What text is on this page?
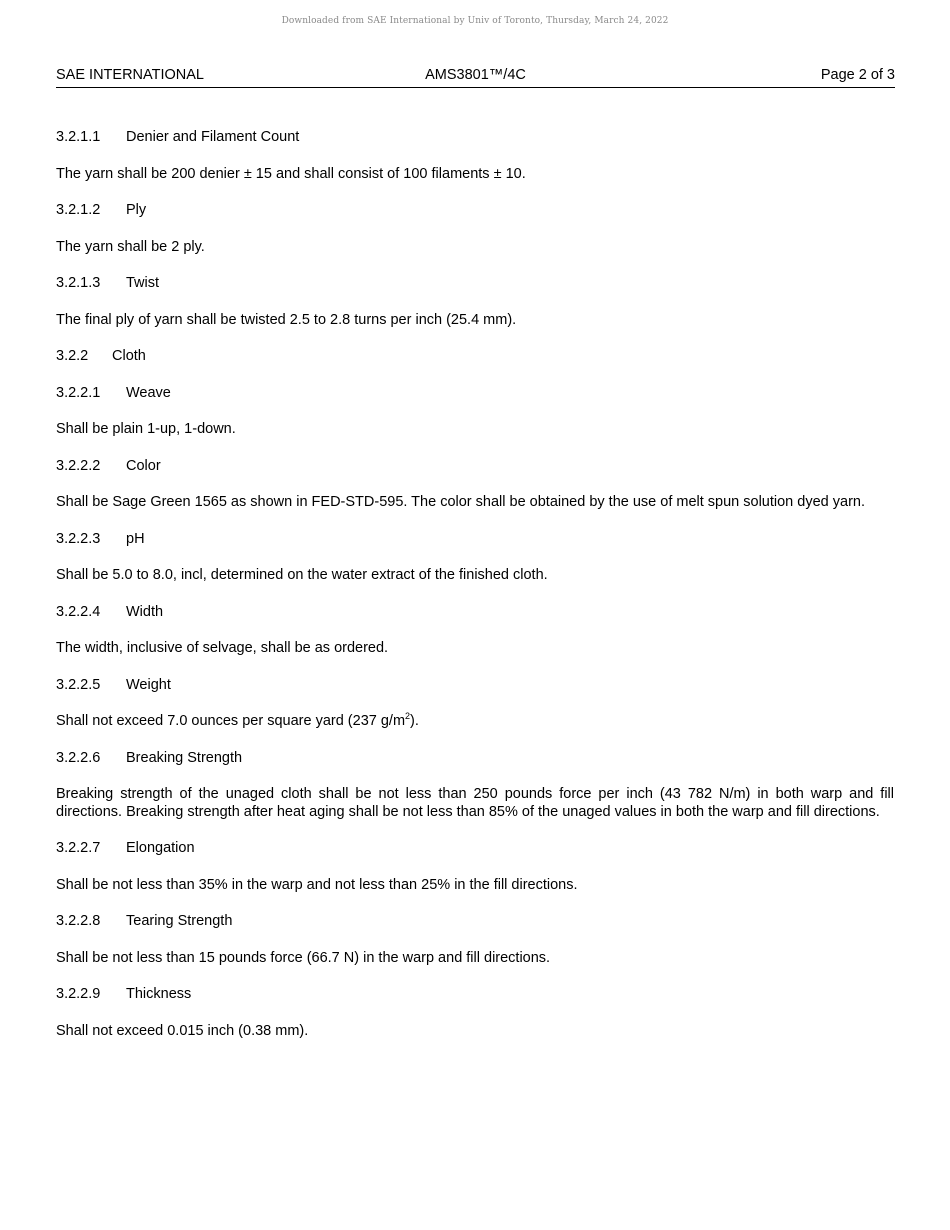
Downloaded from SAE International by Univ of Toronto, Thursday, March 24, 2022
SAE INTERNATIONAL	AMS3801™/4C	Page 2 of 3
3.2.1.1 Denier and Filament Count
The yarn shall be 200 denier ± 15 and shall consist of 100 filaments ± 10.
3.2.1.2 Ply
The yarn shall be 2 ply.
3.2.1.3 Twist
The final ply of yarn shall be twisted 2.5 to 2.8 turns per inch (25.4 mm).
3.2.2 Cloth
3.2.2.1 Weave
Shall be plain 1-up, 1-down.
3.2.2.2 Color
Shall be Sage Green 1565 as shown in FED-STD-595. The color shall be obtained by the use of melt spun solution dyed yarn.
3.2.2.3 pH
Shall be 5.0 to 8.0, incl, determined on the water extract of the finished cloth.
3.2.2.4 Width
The width, inclusive of selvage, shall be as ordered.
3.2.2.5 Weight
Shall not exceed 7.0 ounces per square yard (237 $g/m^2$).
3.2.2.6 Breaking Strength
Breaking strength of the unaged cloth shall be not less than 250 pounds force per inch (43 782 N/m) in both warp and fill directions. Breaking strength after heat aging shall be not less than 85% of the unaged values in both the warp and fill directions.
3.2.2.7 Elongation
Shall be not less than 35% in the warp and not less than 25% in the fill directions.
3.2.2.8 Tearing Strength
Shall be not less than 15 pounds force (66.7 N) in the warp and fill directions.
3.2.2.9 Thickness
Shall not exceed 0.015 inch (0.38 mm).
